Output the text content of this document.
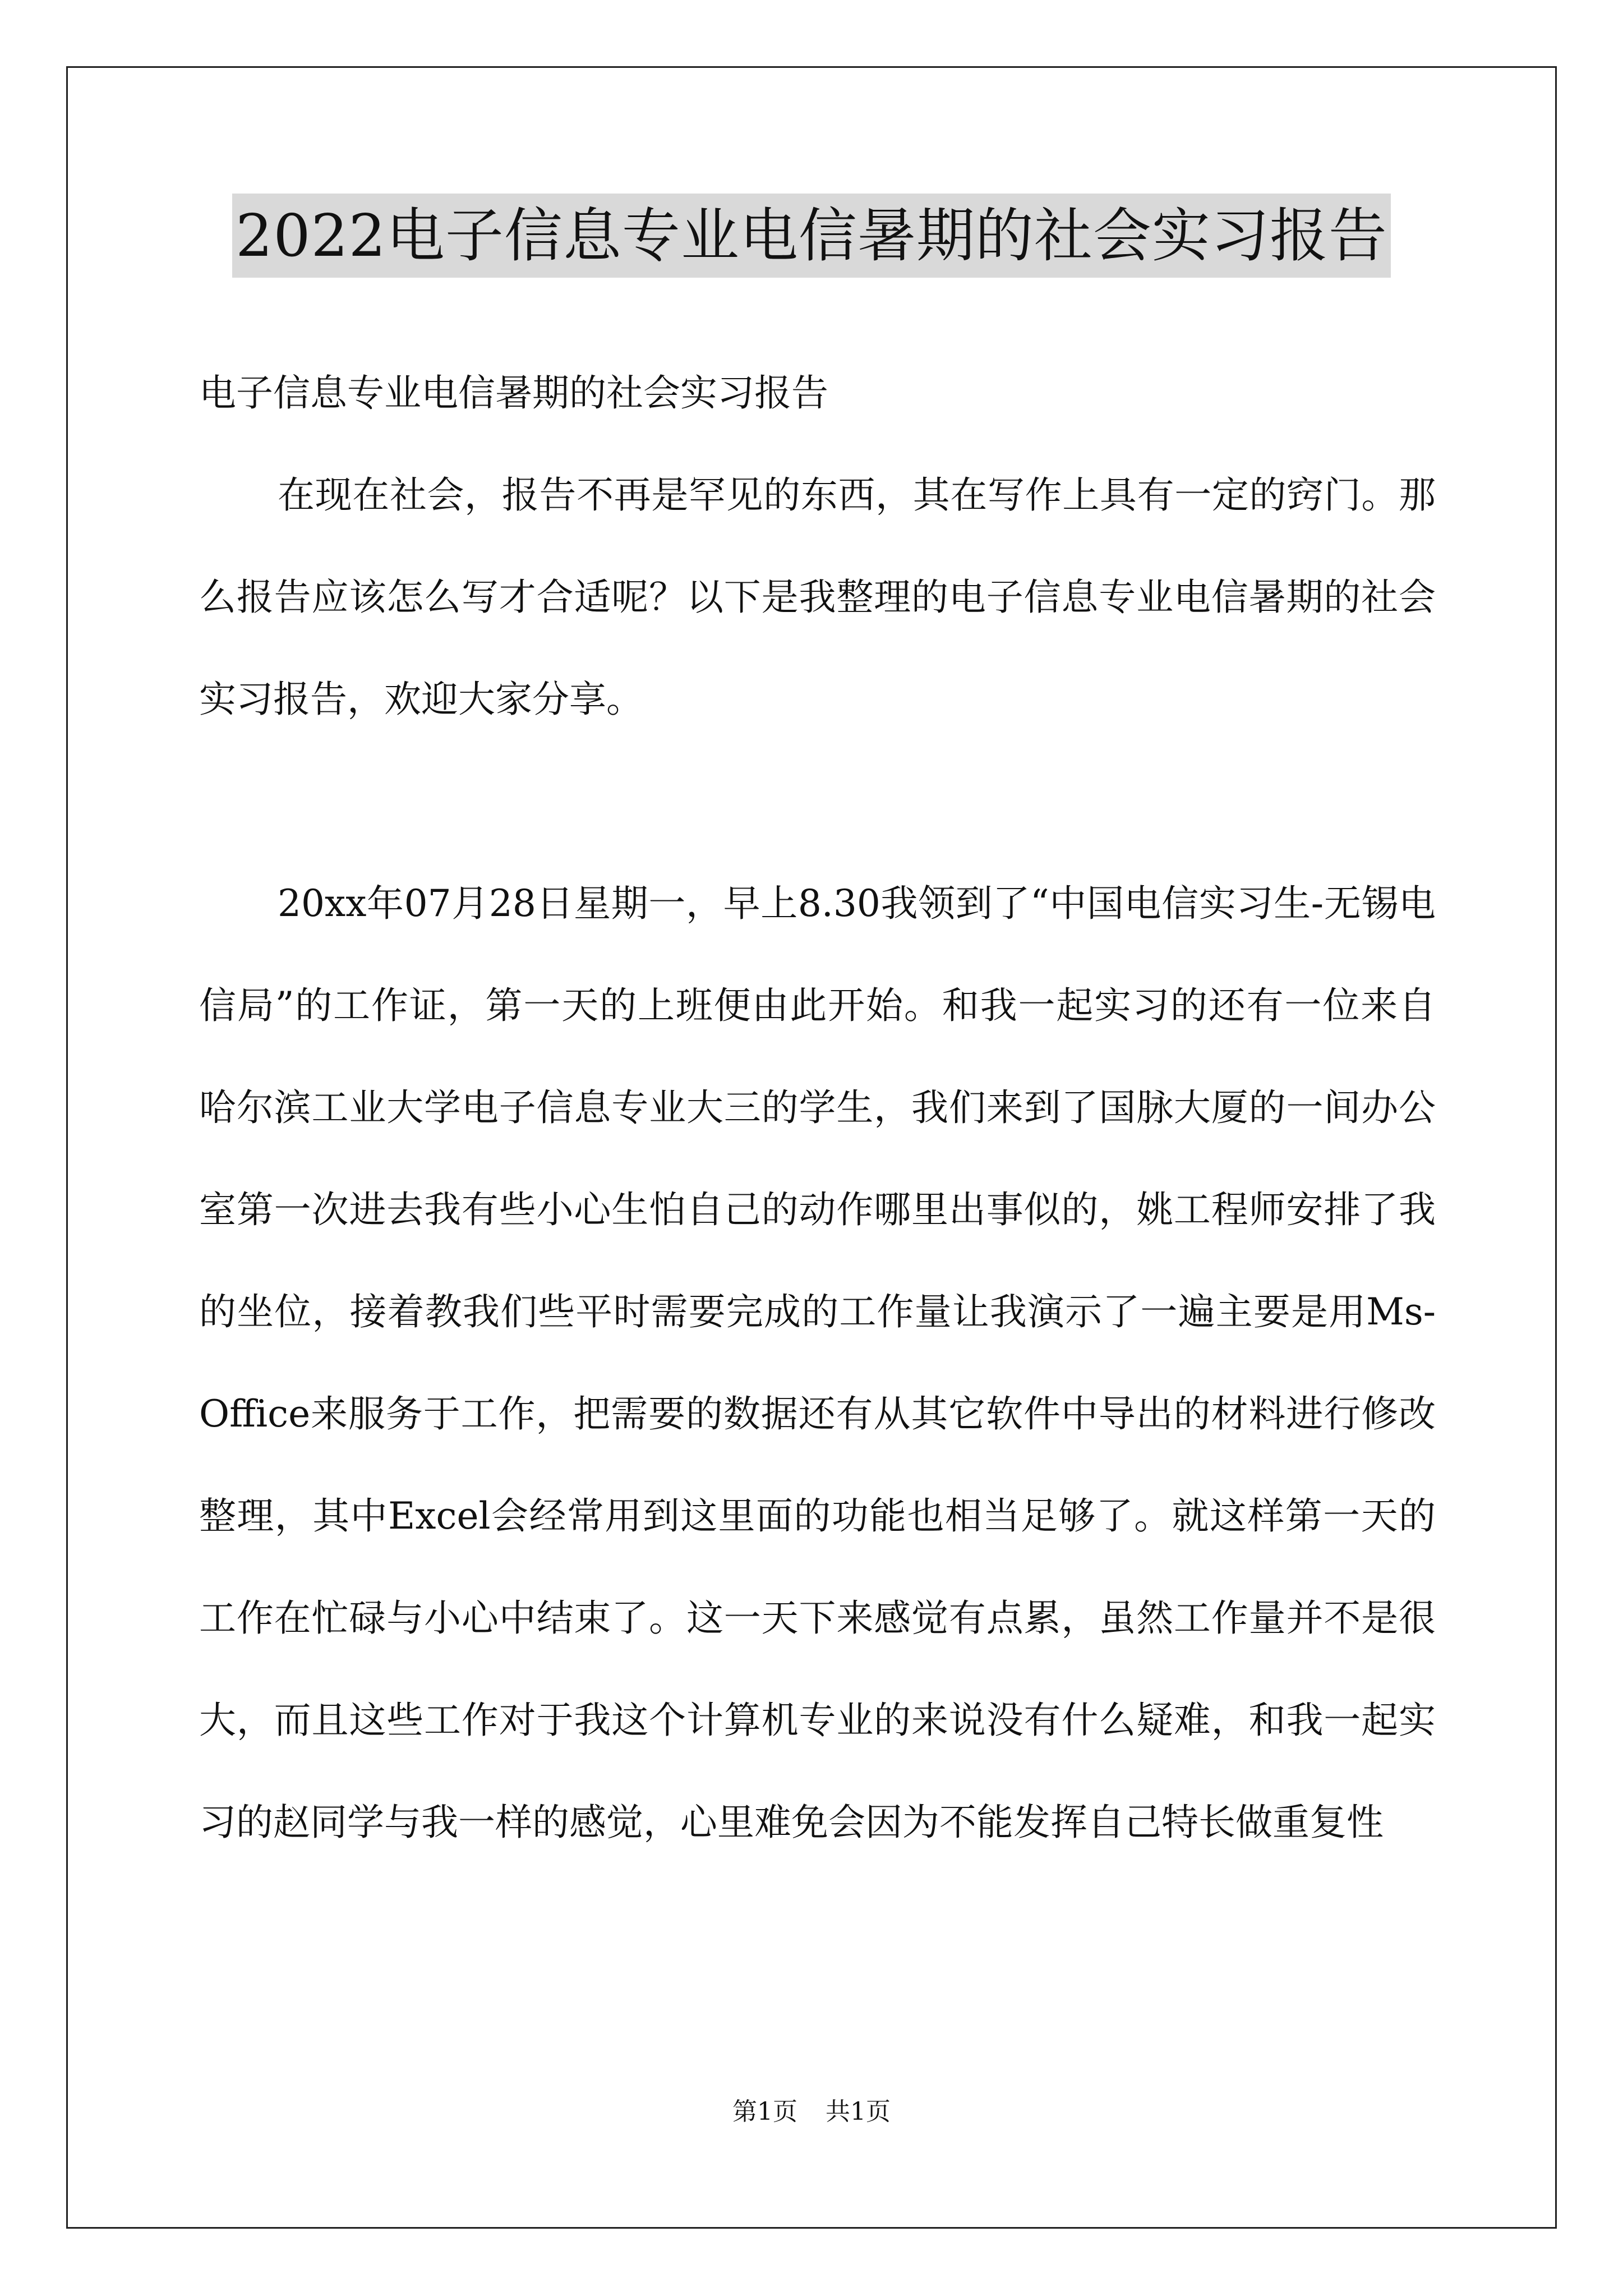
2022电子信息专业电信暑期的社会实习报告

电子信息专业电信暑期的社会实习报告

在现在社会，报告不再是罕见的东西，其在写作上具有一定的窍门。那么报告应该怎么写才合适呢？以下是我整理的电子信息专业电信暑期的社会实习报告，欢迎大家分享。

20xx年07月28日星期一，早上8.30我领到了“中国电信实习生-无锡电信局”的工作证，第一天的上班便由此开始。和我一起实习的还有一位来自哈尔滨工业大学电子信息专业大三的学生，我们来到了国脉大厦的一间办公室第一次进去我有些小心生怕自己的动作哪里出事似的，姚工程师安排了我的坐位，接着教我们些平时需要完成的工作量让我演示了一遍主要是用Ms-Office来服务于工作，把需要的数据还有从其它软件中导出的材料进行修改整理，其中Excel会经常用到这里面的功能也相当足够了。就这样第一天的工作在忙碌与小心中结束了。这一天下来感觉有点累，虽然工作量并不是很大，而且这些工作对于我这个计算机专业的来说没有什么疑难，和我一起实习的赵同学与我一样的感觉，心里难免会因为不能发挥自己特长做重复性

第1页 共1页
